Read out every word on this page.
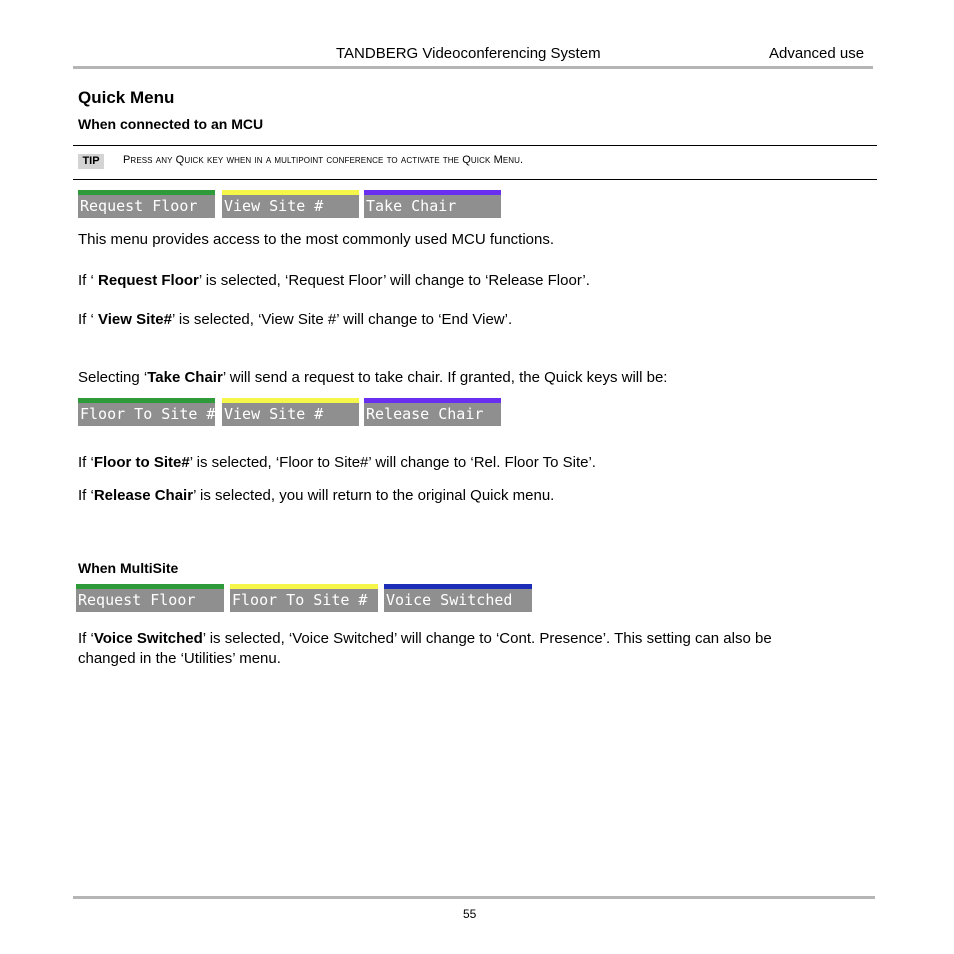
TANDBERG Videoconferencing System	Advanced use
Quick Menu
When connected to an MCU
TIP	Press any Quick key when in a multipoint conference to activate the Quick Menu.
Request Floor	View Site #	Take Chair
This menu provides access to the most commonly used MCU functions.
If ‘ Request Floor’ is selected, ‘Request Floor’ will change to ‘Release Floor’.
If ‘ View Site#’ is selected, ‘View Site #’ will change to ‘End View’.
Selecting ‘Take Chair’ will send a request to take chair. If granted, the Quick keys will be:
Floor To Site # View Site #	Release Chair
If ‘Floor to Site#’ is selected, ‘Floor to Site#’ will change to ‘Rel. Floor To Site’.
If ‘Release Chair’ is selected, you will return to the original Quick menu.
When MultiSite
Request Floor	Floor To Site #	Voice Switched
If ‘Voice Switched’ is selected, ‘Voice Switched’ will change to ‘Cont. Presence’. This setting can also be
changed in the ‘Utilities’ menu.
55
